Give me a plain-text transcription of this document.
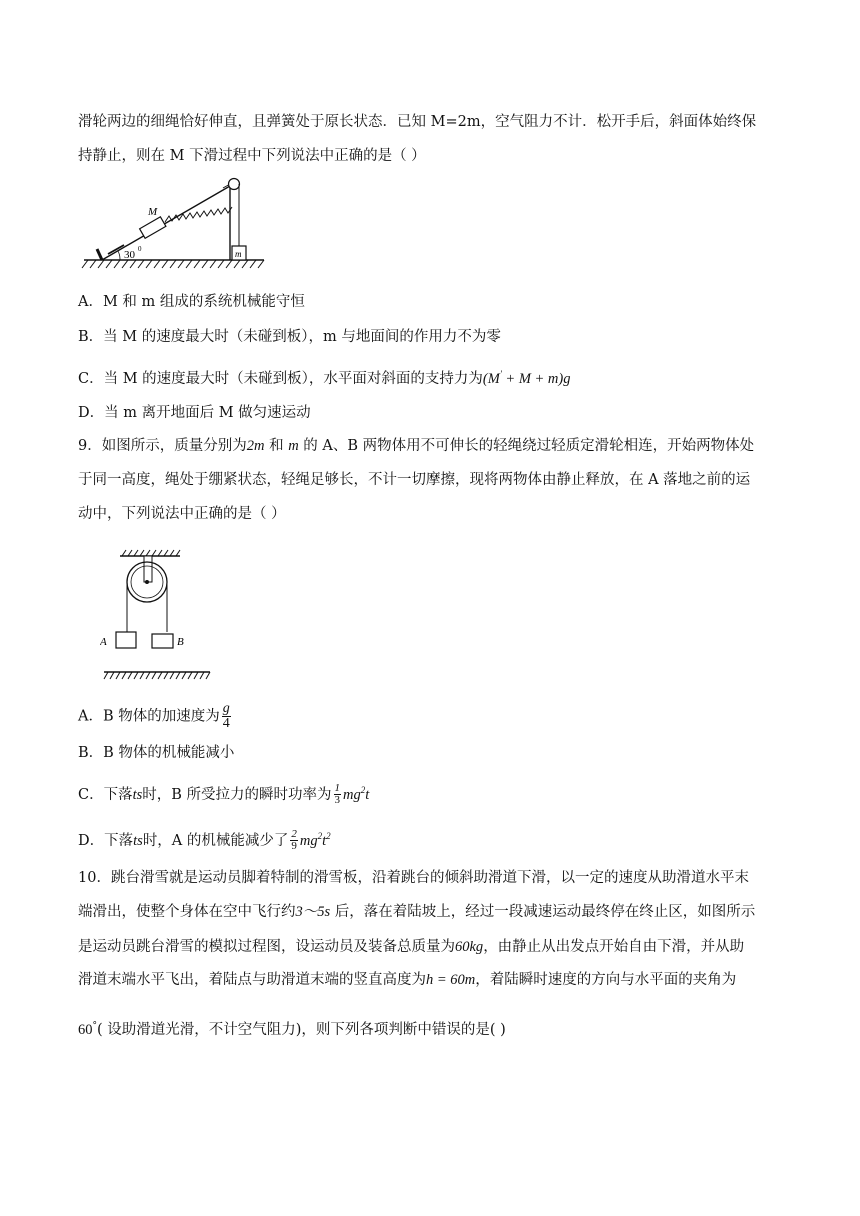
滑轮两边的细绳恰好伸直，且弹簧处于原长状态．已知 M=2m，空气阻力不计．松开手后，斜面体始终保
持静止，则在 M 下滑过程中下列说法中正确的是（ ）
m
M
30 0
A．M 和 m 组成的系统机械能守恒
B．当 M 的速度最大时（未碰到板），m 与地面间的作用力不为零
C．当 M 的速度最大时（未碰到板），水平面对斜面的支持力为(M' + M + m)g
D．当 m 离开地面后 M 做匀速运动
9．如图所示，质量分别为2m 和 m 的 A、B 两物体用不可伸长的轻绳绕过轻质定滑轮相连，开始两物体处
于同一高度，绳处于绷紧状态，轻绳足够长，不计一切摩擦，现将两物体由静止释放，在 A 落地之前的运
动中，下列说法中正确的是（ ）
A	B
A．B 物体的加速度为 $\frac{g}{4}$
B．B 物体的机械能减小
C．下落ts时，B 所受拉力的瞬时功率为 $\frac{1}{3} mg^2t$
D．下落ts时，A 的机械能减少了 $\frac{2}{9} mg^2t^2$
10．跳台滑雪就是运动员脚着特制的滑雪板，沿着跳台的倾斜助滑道下滑，以一定的速度从助滑道水平末
端滑出，使整个身体在空中飞行约3～5s 后，落在着陆坡上，经过一段减速运动最终停在终止区，如图所示
是运动员跳台滑雪的模拟过程图，设运动员及装备总质量为60kg，由静止从出发点开始自由下滑，并从助
滑道末端水平飞出，着陆点与助滑道末端的竖直高度为h = 60m，着陆瞬时速度的方向与水平面的夹角为
60°( 设助滑道光滑，不计空气阻力)，则下列各项判断中错误的是( )
